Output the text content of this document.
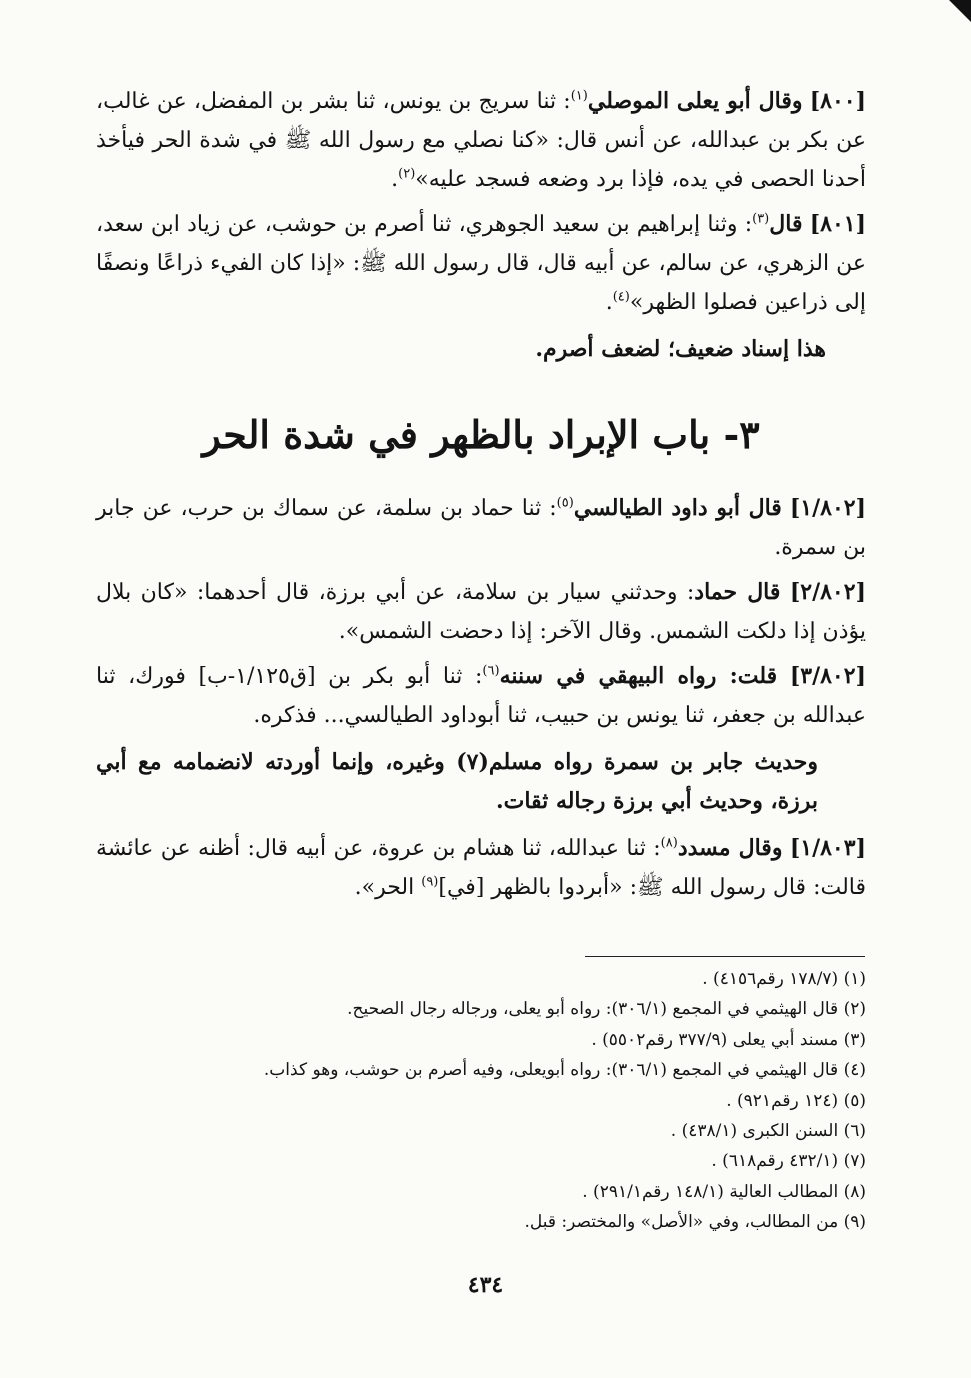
[٨٠٠] وقال أبو يعلى الموصلي$^{(١)}$: ثنا سريج بن يونس، ثنا بشر بن المفضل، عن غالب، عن بكر بن عبدالله، عن أنس قال: «كنا نصلي مع رسول الله ﷺ في شدة الحر فيأخذ أحدنا الحصى في يده، فإذا برد وضعه فسجد عليه»$^{(٢)}$.

[٨٠١] قال$^{(٣)}$: وثنا إبراهيم بن سعيد الجوهري، ثنا أصرم بن حوشب، عن زياد ابن سعد، عن الزهري، عن سالم، عن أبيه قال، قال رسول الله ﷺ: «إذا كان الفيء ذراعًا ونصفًا إلى ذراعين فصلوا الظهر»$^{(٤)}$.

هذا إسناد ضعيف؛ لضعف أصرم.

٣- باب الإبراد بالظهر في شدة الحر

[١/٨٠٢] قال أبو داود الطيالسي$^{(٥)}$: ثنا حماد بن سلمة، عن سماك بن حرب، عن جابر بن سمرة.

[٢/٨٠٢] قال حماد: وحدثني سيار بن سلامة، عن أبي برزة، قال أحدهما: «كان بلال يؤذن إذا دلكت الشمس. وقال الآخر: إذا دحضت الشمس».

[٣/٨٠٢] قلت: رواه البيهقي في سننه$^{(٦)}$: ثنا أبو بكر بن [ق١/١٢٥-ب] فورك، ثنا عبدالله بن جعفر، ثنا يونس بن حبيب، ثنا أبوداود الطيالسي... فذكره.

وحديث جابر بن سمرة رواه مسلم(٧) وغيره، وإنما أوردته لانضمامه مع أبي برزة، وحديث أبي برزة رجاله ثقات.

[١/٨٠٣] وقال مسدد$^{(٨)}$: ثنا عبدالله، ثنا هشام بن عروة، عن أبيه قال: أظنه عن عائشة قالت: قال رسول الله ﷺ: «أبردوا بالظهر [في]$^{(٩)}$ الحر».

(١) (١٧٨/٧ رقم٤١٥٦) .
(٢) قال الهيثمي في المجمع (٣٠٦/١): رواه أبو يعلى، ورجاله رجال الصحيح.
(٣) مسند أبي يعلى (٣٧٧/٩ رقم٥٥٠٢) .
(٤) قال الهيثمي في المجمع (٣٠٦/١): رواه أبويعلى، وفيه أصرم بن حوشب، وهو كذاب.
(٥) (١٢٤ رقم٩٢١) .
(٦) السنن الكبرى (٤٣٨/١) .
(٧) (٤٣٢/١ رقم٦١٨) .
(٨) المطالب العالية (١٤٨/١ رقم٢٩١/١) .
(٩) من المطالب، وفي «الأصل» والمختصر: قبل.
٤٣٤
